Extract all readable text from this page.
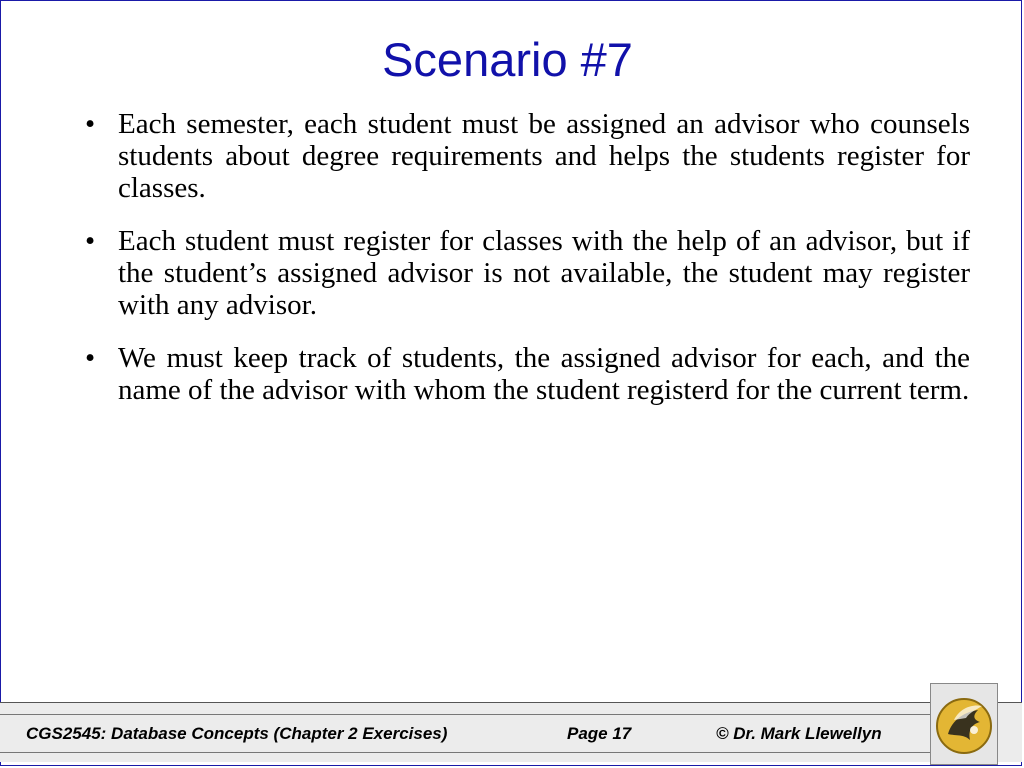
Scenario #7
• Each semester, each student must be assigned an advisor who counsels students about degree requirements and helps the students register for classes.
• Each student must register for classes with the help of an advisor, but if the student’s assigned advisor is not available, the student may register with any advisor.
• We must keep track of students, the assigned advisor for each, and the name of the advisor with whom the student registerd for the current term.
CGS2545: Database Concepts (Chapter 2 Exercises)	Page 17	© Dr. Mark Llewellyn
